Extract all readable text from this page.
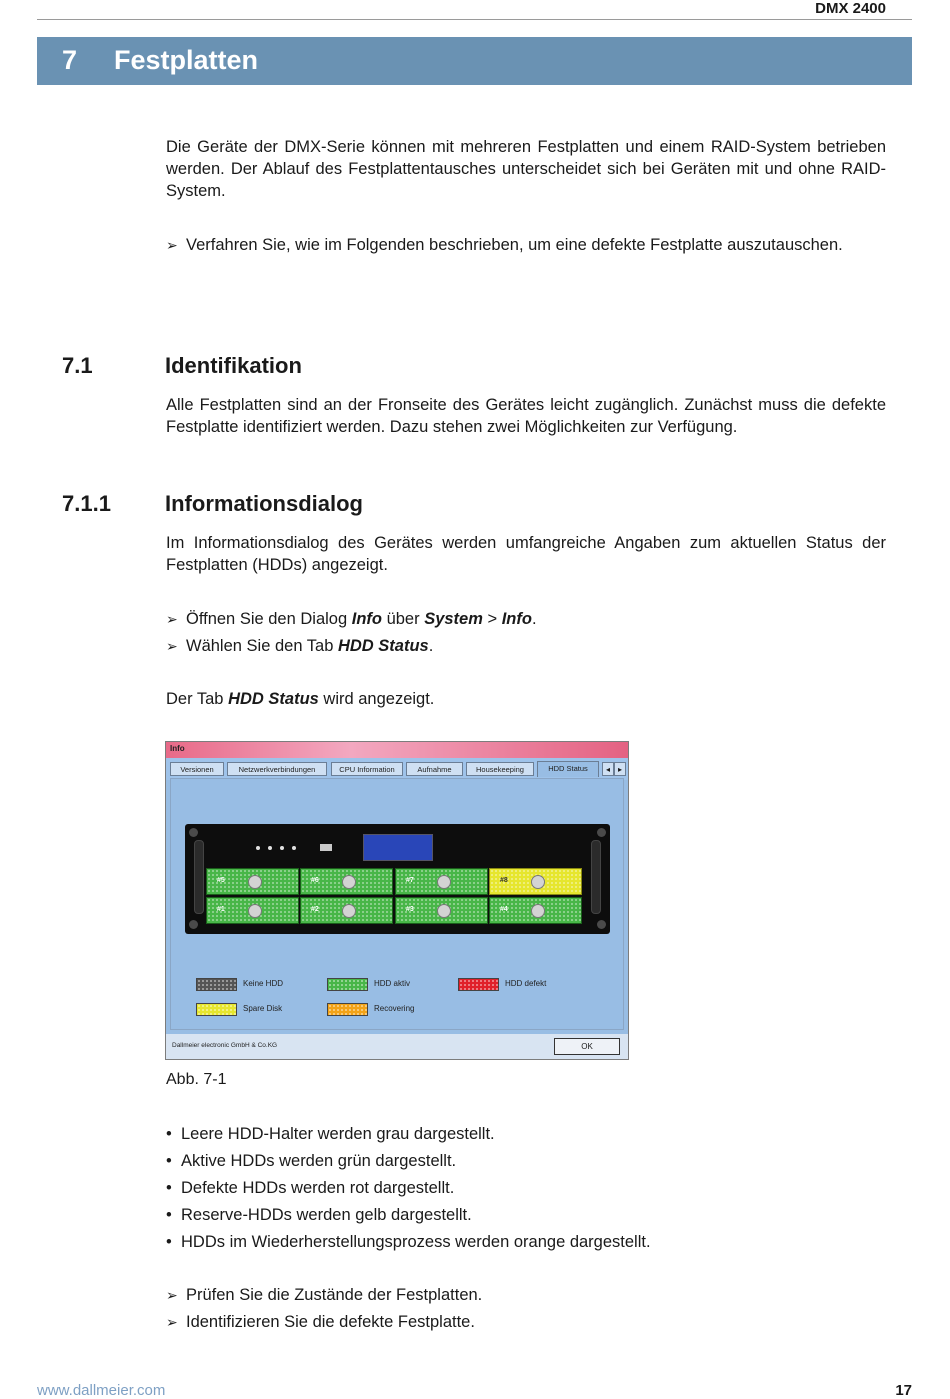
DMX 2400
7 Festplatten
Die Geräte der DMX-Serie können mit mehreren Festplatten und einem RAID-System betrieben werden. Der Ablauf des Festplattentausches unterscheidet sich bei Geräten mit und ohne RAID-System.
➢ Verfahren Sie, wie im Folgenden beschrieben, um eine defekte Festplatte auszutauschen.
7.1	Identifikation
Alle Festplatten sind an der Fronseite des Gerätes leicht zugänglich. Zunächst muss die defekte Festplatte identifiziert werden. Dazu stehen zwei Möglichkeiten zur Verfügung.
7.1.1 Informationsdialog
Im Informationsdialog des Gerätes werden umfangreiche Angaben zum aktuellen Status der Festplatten (HDDs) angezeigt.
➢ Öffnen Sie den Dialog Info über System > Info.
➢ Wählen Sie den Tab HDD Status.
Der Tab HDD Status wird angezeigt.
Info
Versionen	Netzwerkverbindungen	CPU Information	Aufnahme	Housekeeping	HDD Status	◂ ▸
#5	#6	#7	#8
#1	#2	#3	#4
Keine HDD	HDD aktiv	HDD defekt
Spare Disk	Recovering
Dallmeier electronic GmbH & Co.KG	OK
Abb. 7-1
• Leere HDD-Halter werden grau dargestellt.
• Aktive HDDs werden grün dargestellt.
• Defekte HDDs werden rot dargestellt.
• Reserve-HDDs werden gelb dargestellt.
• HDDs im Wiederherstellungsprozess werden orange dargestellt.
➢ Prüfen Sie die Zustände der Festplatten.
➢ Identifizieren Sie die defekte Festplatte.
www.dallmeier.com	17
